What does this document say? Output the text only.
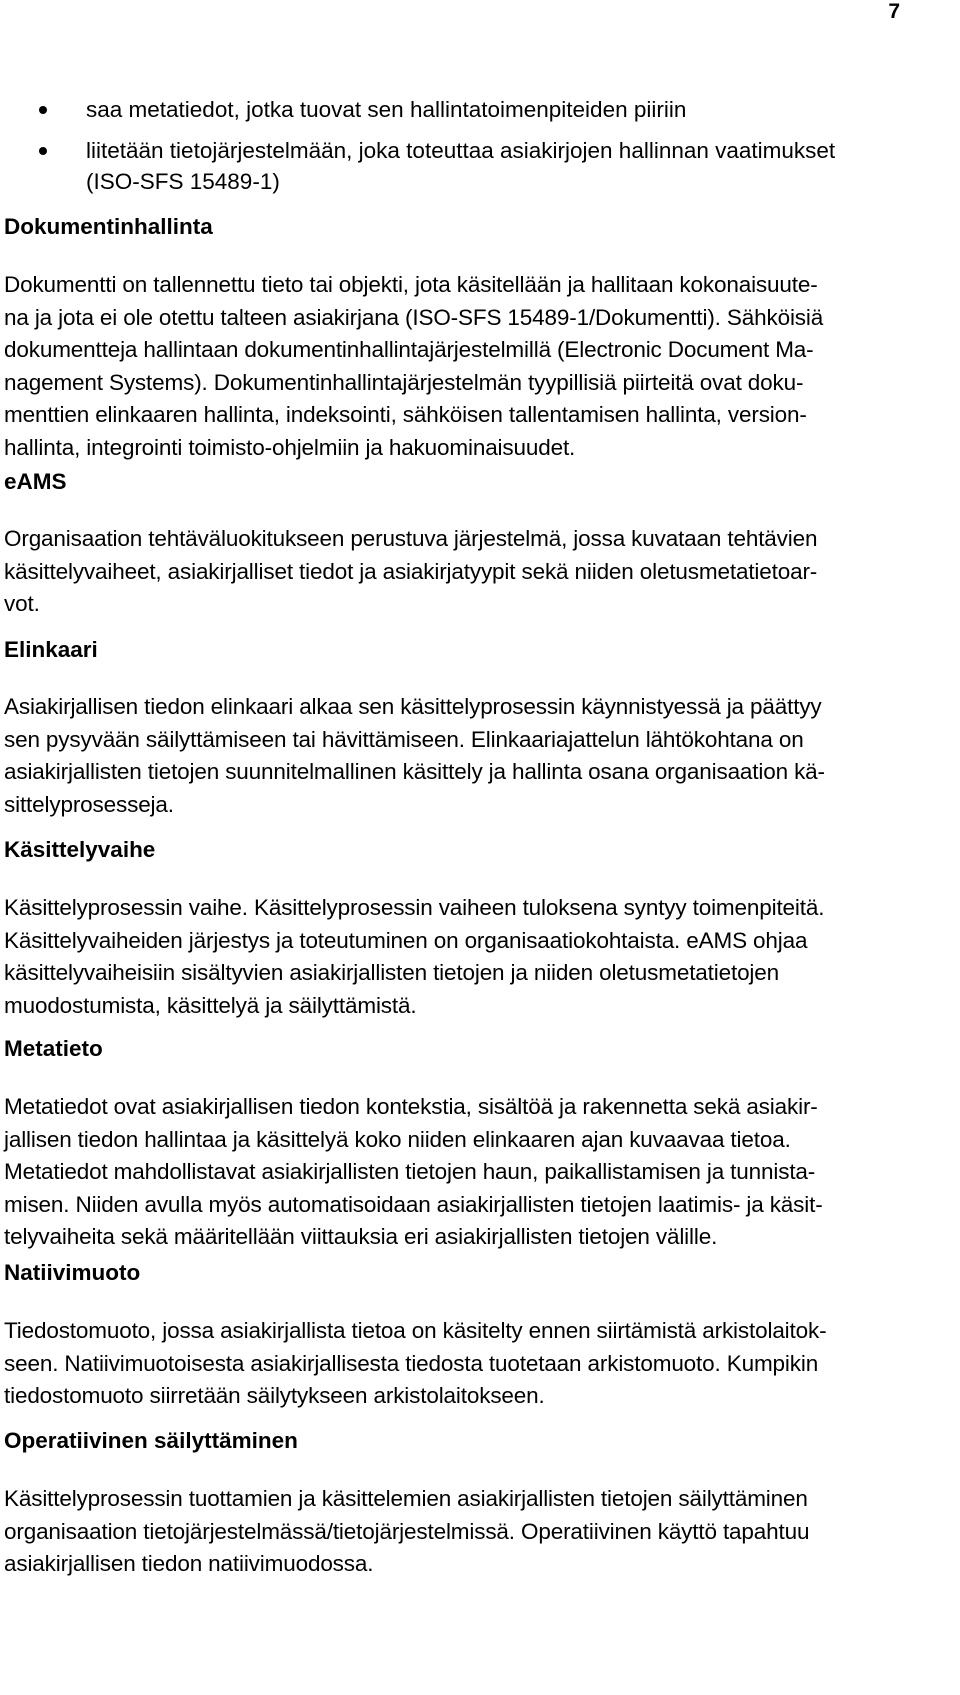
7
saa metatiedot, jotka tuovat sen hallintatoimenpiteiden piiriin
liitetään tietojärjestelmään, joka toteuttaa asiakirjojen hallinnan vaatimukset
(ISO-SFS 15489-1)
Dokumentinhallinta

Dokumentti on tallennettu tieto tai objekti, jota käsitellään ja hallitaan kokonaisuute-
na ja jota ei ole otettu talteen asiakirjana (ISO-SFS 15489-1/Dokumentti). Sähköisiä
dokumentteja hallintaan dokumentinhallintajärjestelmillä (Electronic Document Ma-
nagement Systems). Dokumentinhallintajärjestelmän tyypillisiä piirteitä ovat doku-
menttien elinkaaren hallinta, indeksointi, sähköisen tallentamisen hallinta, version-
hallinta, integrointi toimisto-ohjelmiin ja hakuominaisuudet.

eAMS

Organisaation tehtäväluokitukseen perustuva järjestelmä, jossa kuvataan tehtävien
käsittelyvaiheet, asiakirjalliset tiedot ja asiakirjatyypit sekä niiden oletusmetatietoar-
vot.

Elinkaari

Asiakirjallisen tiedon elinkaari alkaa sen käsittelyprosessin käynnistyessä ja päättyy
sen pysyvään säilyttämiseen tai hävittämiseen. Elinkaariajattelun lähtökohtana on
asiakirjallisten tietojen suunnitelmallinen käsittely ja hallinta osana organisaation kä-
sittelyprosesseja.

Käsittelyvaihe

Käsittelyprosessin vaihe. Käsittelyprosessin vaiheen tuloksena syntyy toimenpiteitä.
Käsittelyvaiheiden järjestys ja toteutuminen on organisaatiokohtaista. eAMS ohjaa
käsittelyvaiheisiin sisältyvien asiakirjallisten tietojen ja niiden oletusmetatietojen
muodostumista, käsittelyä ja säilyttämistä.

Metatieto

Metatiedot ovat asiakirjallisen tiedon kontekstia, sisältöä ja rakennetta sekä asiakir-
jallisen tiedon hallintaa ja käsittelyä koko niiden elinkaaren ajan kuvaavaa tietoa.
Metatiedot mahdollistavat asiakirjallisten tietojen haun, paikallistamisen ja tunnista-
misen. Niiden avulla myös automatisoidaan asiakirjallisten tietojen laatimis- ja käsit-
telyvaiheita sekä määritellään viittauksia eri asiakirjallisten tietojen välille.

Natiivimuoto

Tiedostomuoto, jossa asiakirjallista tietoa on käsitelty ennen siirtämistä arkistolaitok-
seen. Natiivimuotoisesta asiakirjallisesta tiedosta tuotetaan arkistomuoto. Kumpikin
tiedostomuoto siirretään säilytykseen arkistolaitokseen.

Operatiivinen säilyttäminen

Käsittelyprosessin tuottamien ja käsittelemien asiakirjallisten tietojen säilyttäminen
organisaation tietojärjestelmässä/tietojärjestelmissä. Operatiivinen käyttö tapahtuu
asiakirjallisen tiedon natiivimuodossa.
